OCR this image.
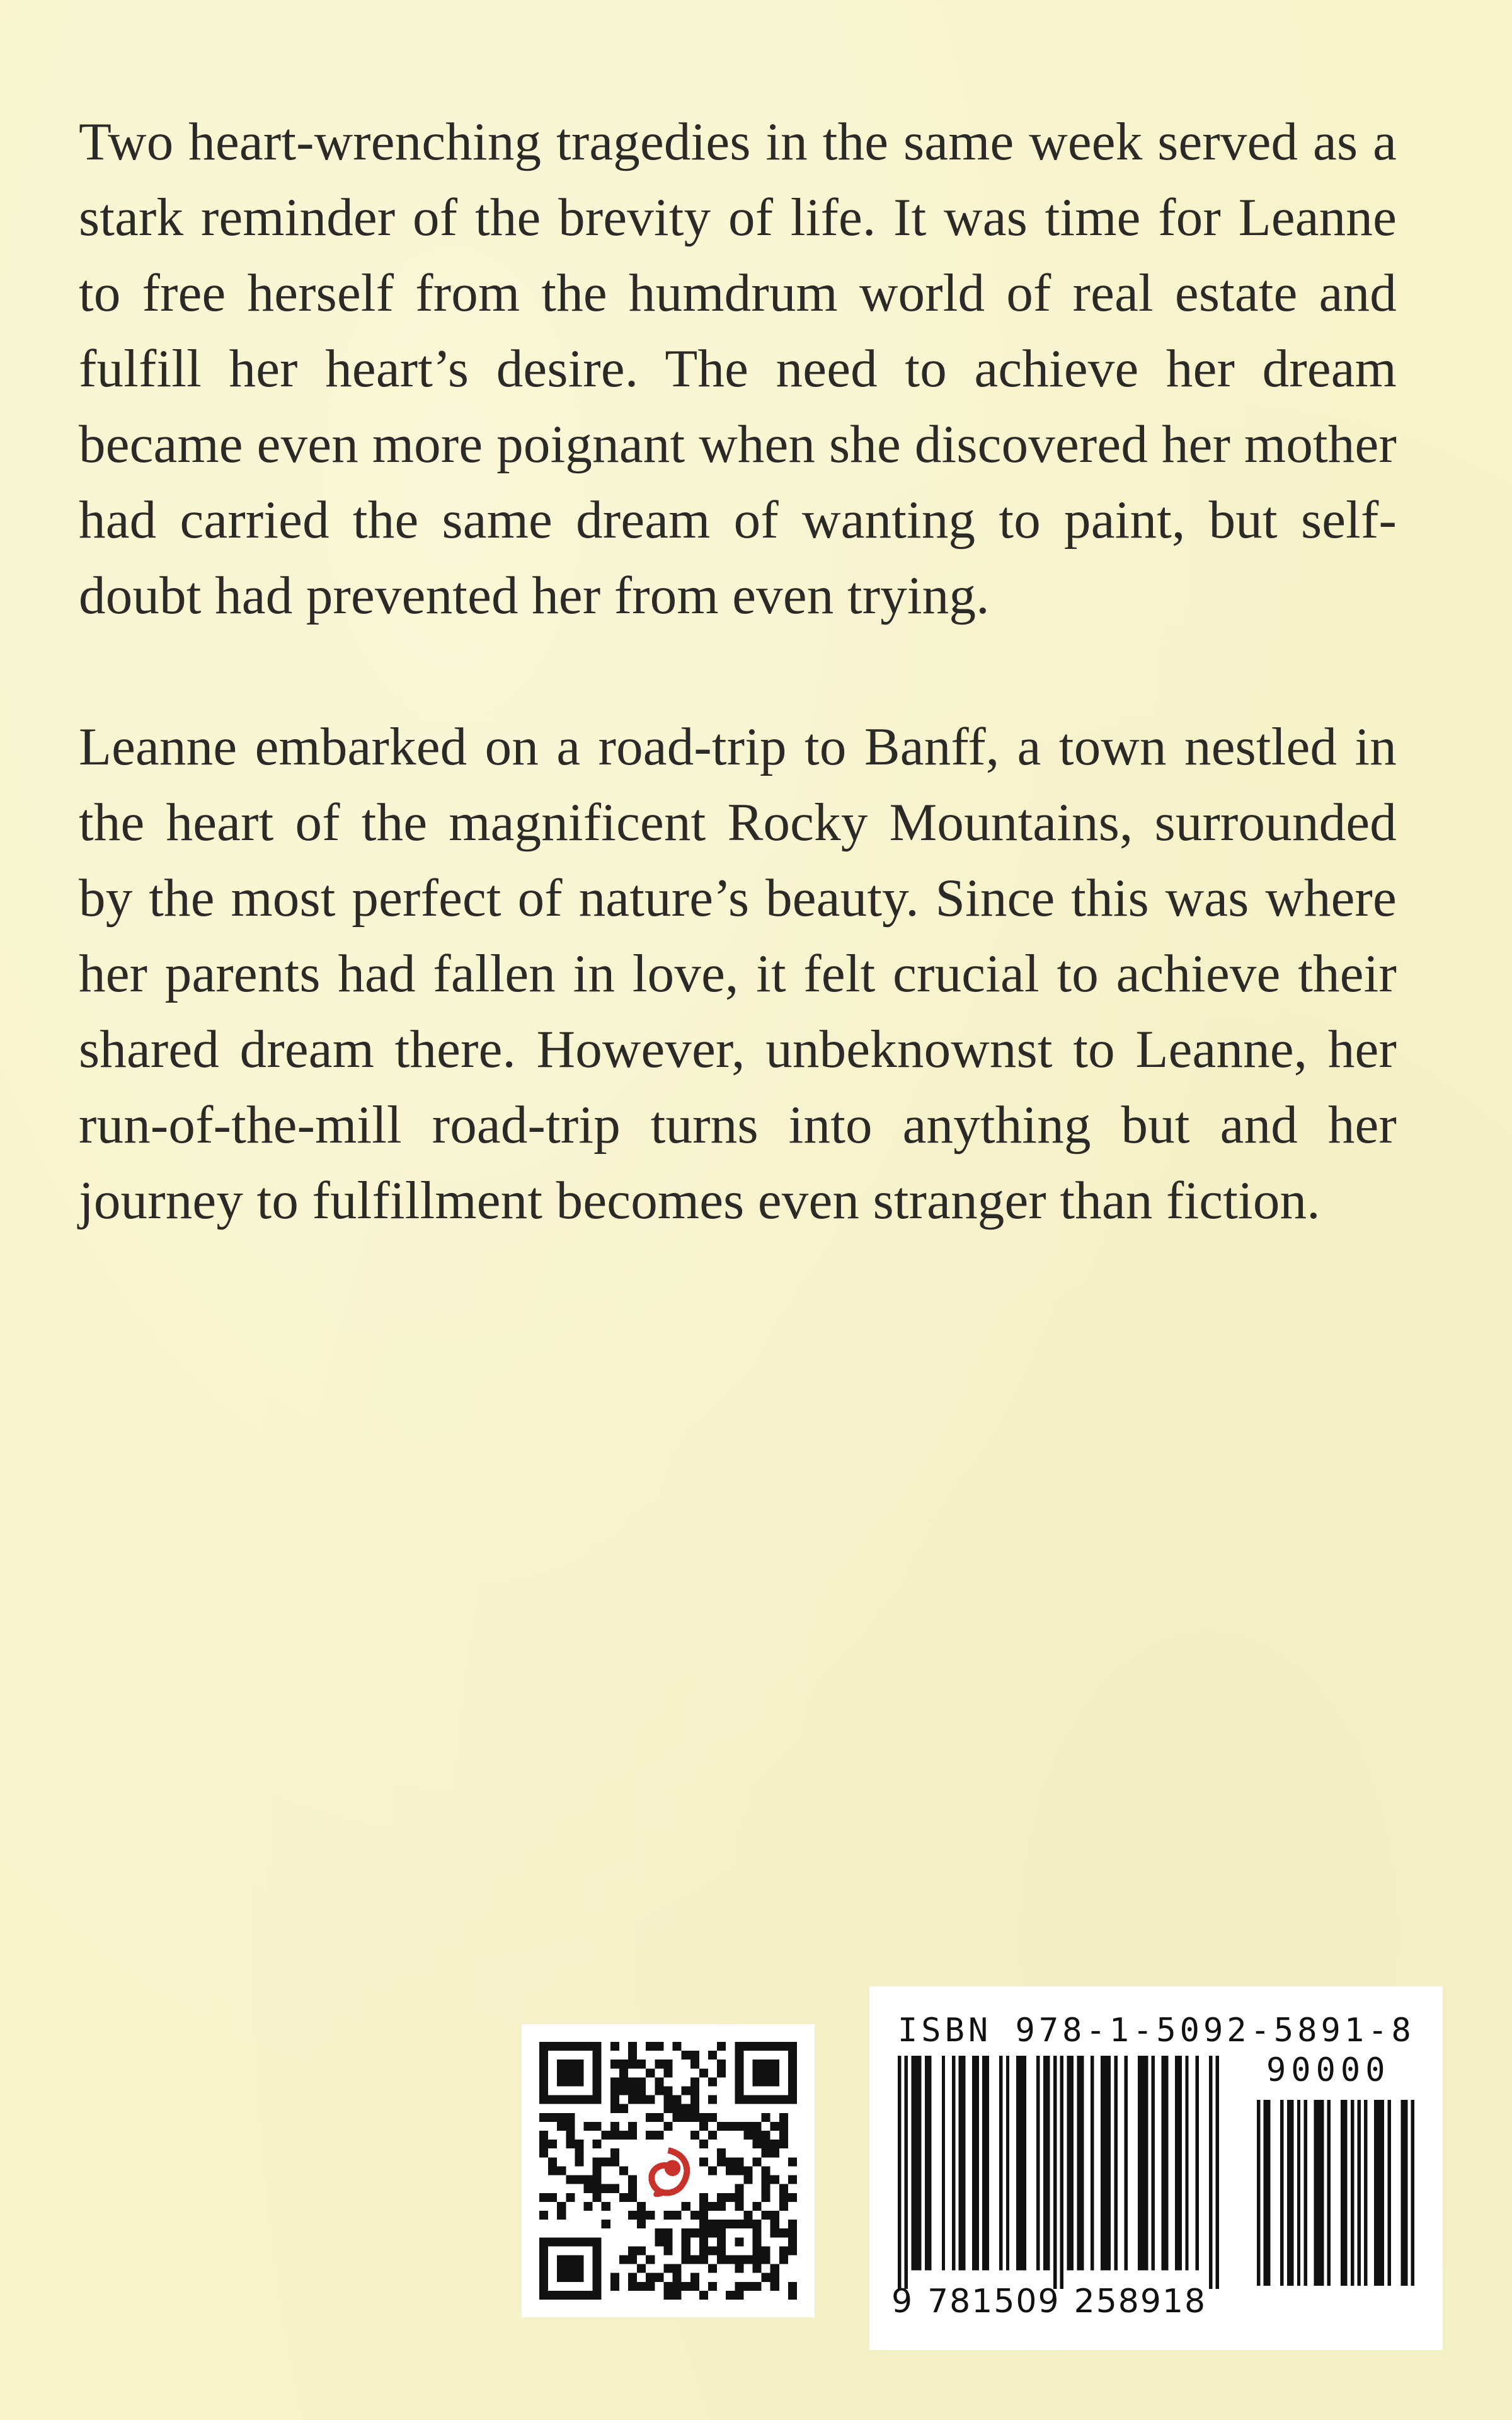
Two heart-wrenching tragedies in the same week served as a stark reminder of the brevity of life. It was time for Leanne to free herself from the humdrum world of real estate and fulfill her heart’s desire. The need to achieve her dream became even more poignant when she discovered her mother had carried the same dream of wanting to paint, but self-doubt had prevented her from even trying.

Leanne embarked on a road-trip to Banff, a town nestled in the heart of the magnificent Rocky Mountains, surrounded by the most perfect of nature’s beauty. Since this was where her parents had fallen in love, it felt crucial to achieve their shared dream there. However, unbeknownst to Leanne, her run-of-the-mill road-trip turns into anything but and her journey to fulfillment becomes even stranger than fiction.

ISBN 978-1-5092-5891-8
90000
9 781509 258918
